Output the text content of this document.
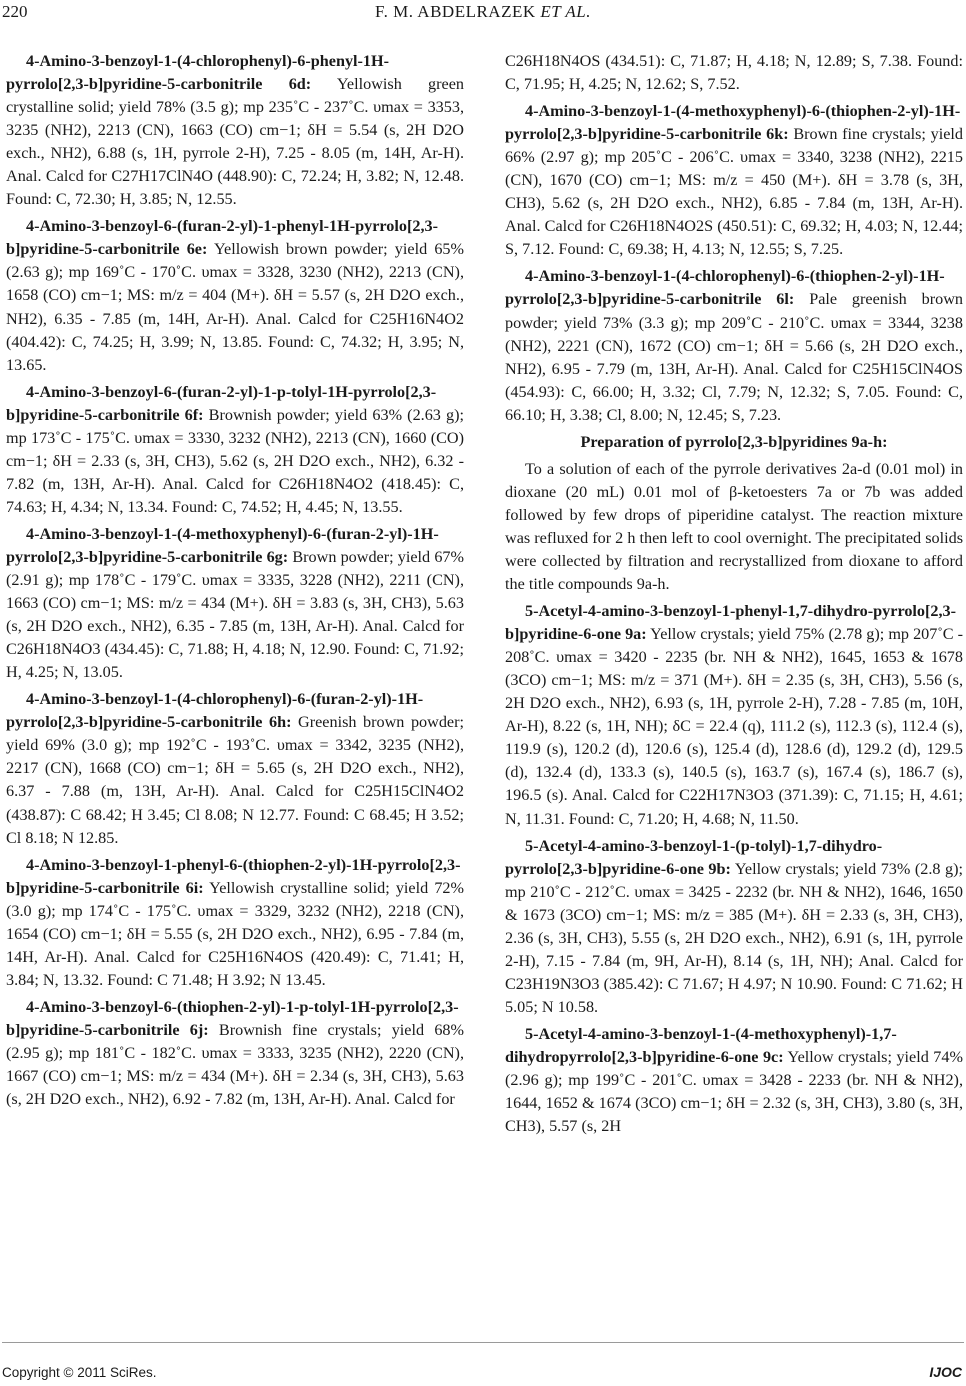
220	F. M. ABDELRAZEK ET AL.

4-Amino-3-benzoyl-1-(4-chlorophenyl)-6-phenyl-1H-pyrrolo[2,3-b]pyridine-5-carbonitrile 6d: Yellowish green crystalline solid; yield 78% (3.5 g); mp 235˚C - 237˚C. υmax = 3353, 3235 (NH2), 2213 (CN), 1663 (CO) cm−1; δH = 5.54 (s, 2H D2O exch., NH2), 6.88 (s, 1H, pyrrole 2-H), 7.25 - 8.05 (m, 14H, Ar-H). Anal. Calcd for C27H17ClN4O (448.90): C, 72.24; H, 3.82; N, 12.48. Found: C, 72.30; H, 3.85; N, 12.55.

4-Amino-3-benzoyl-6-(furan-2-yl)-1-phenyl-1H-pyrrolo[2,3-b]pyridine-5-carbonitrile 6e: Yellowish brown powder; yield 65% (2.63 g); mp 169˚C - 170˚C. υmax = 3328, 3230 (NH2), 2213 (CN), 1658 (CO) cm−1; MS: m/z = 404 (M+). δH = 5.57 (s, 2H D2O exch., NH2), 6.35 - 7.85 (m, 14H, Ar-H). Anal. Calcd for C25H16N4O2 (404.42): C, 74.25; H, 3.99; N, 13.85. Found: C, 74.32; H, 3.95; N, 13.65.

4-Amino-3-benzoyl-6-(furan-2-yl)-1-p-tolyl-1H-pyrrolo[2,3-b]pyridine-5-carbonitrile 6f: Brownish powder; yield 63% (2.63 g); mp 173˚C - 175˚C. υmax = 3330, 3232 (NH2), 2213 (CN), 1660 (CO) cm−1; δH = 2.33 (s, 3H, CH3), 5.62 (s, 2H D2O exch., NH2), 6.32 - 7.82 (m, 13H, Ar-H). Anal. Calcd for C26H18N4O2 (418.45): C, 74.63; H, 4.34; N, 13.34. Found: C, 74.52; H, 4.45; N, 13.55.

4-Amino-3-benzoyl-1-(4-methoxyphenyl)-6-(furan-2-yl)-1H-pyrrolo[2,3-b]pyridine-5-carbonitrile 6g: Brown powder; yield 67% (2.91 g); mp 178˚C - 179˚C. υmax = 3335, 3228 (NH2), 2211 (CN), 1663 (CO) cm−1; MS: m/z = 434 (M+). δH = 3.83 (s, 3H, CH3), 5.63 (s, 2H D2O exch., NH2), 6.35 - 7.85 (m, 13H, Ar-H). Anal. Calcd for C26H18N4O3 (434.45): C, 71.88; H, 4.18; N, 12.90. Found: C, 71.92; H, 4.25; N, 13.05.

4-Amino-3-benzoyl-1-(4-chlorophenyl)-6-(furan-2-yl)-1H-pyrrolo[2,3-b]pyridine-5-carbonitrile 6h: Greenish brown powder; yield 69% (3.0 g); mp 192˚C - 193˚C. υmax = 3342, 3235 (NH2), 2217 (CN), 1668 (CO) cm−1; δH = 5.65 (s, 2H D2O exch., NH2), 6.37 - 7.88 (m, 13H, Ar-H). Anal. Calcd for C25H15ClN4O2 (438.87): C 68.42; H 3.45; Cl 8.08; N 12.77. Found: C 68.45; H 3.52; Cl 8.18; N 12.85.

4-Amino-3-benzoyl-1-phenyl-6-(thiophen-2-yl)-1H-pyrrolo[2,3-b]pyridine-5-carbonitrile 6i: Yellowish crystalline solid; yield 72% (3.0 g); mp 174˚C - 175˚C. υmax = 3329, 3232 (NH2), 2218 (CN), 1654 (CO) cm−1; δH = 5.55 (s, 2H D2O exch., NH2), 6.95 - 7.84 (m, 14H, Ar-H). Anal. Calcd for C25H16N4OS (420.49): C, 71.41; H, 3.84; N, 13.32. Found: C 71.48; H 3.92; N 13.45.

4-Amino-3-benzoyl-6-(thiophen-2-yl)-1-p-tolyl-1H-pyrrolo[2,3-b]pyridine-5-carbonitrile 6j: Brownish fine crystals; yield 68% (2.95 g); mp 181˚C - 182˚C. υmax = 3333, 3235 (NH2), 2220 (CN), 1667 (CO) cm−1; MS: m/z = 434 (M+). δH = 2.34 (s, 3H, CH3), 5.63 (s, 2H D2O exch., NH2), 6.92 - 7.82 (m, 13H, Ar-H). Anal. Calcd for

C26H18N4OS (434.51): C, 71.87; H, 4.18; N, 12.89; S, 7.38. Found: C, 71.95; H, 4.25; N, 12.62; S, 7.52.

4-Amino-3-benzoyl-1-(4-methoxyphenyl)-6-(thiophen-2-yl)-1H-pyrrolo[2,3-b]pyridine-5-carbonitrile 6k: Brown fine crystals; yield 66% (2.97 g); mp 205˚C - 206˚C. υmax = 3340, 3238 (NH2), 2215 (CN), 1670 (CO) cm−1; MS: m/z = 450 (M+). δH = 3.78 (s, 3H, CH3), 5.62 (s, 2H D2O exch., NH2), 6.85 - 7.84 (m, 13H, Ar-H). Anal. Calcd for C26H18N4O2S (450.51): C, 69.32; H, 4.03; N, 12.44; S, 7.12. Found: C, 69.38; H, 4.13; N, 12.55; S, 7.25.

4-Amino-3-benzoyl-1-(4-chlorophenyl)-6-(thiophen-2-yl)-1H-pyrrolo[2,3-b]pyridine-5-carbonitrile 6l: Pale greenish brown powder; yield 73% (3.3 g); mp 209˚C - 210˚C. υmax = 3344, 3238 (NH2), 2221 (CN), 1672 (CO) cm−1; δH = 5.66 (s, 2H D2O exch., NH2), 6.95 - 7.79 (m, 13H, Ar-H). Anal. Calcd for C25H15ClN4OS (454.93): C, 66.00; H, 3.32; Cl, 7.79; N, 12.32; S, 7.05. Found: C, 66.10; H, 3.38; Cl, 8.00; N, 12.45; S, 7.23.

Preparation of pyrrolo[2,3-b]pyridines 9a-h:

To a solution of each of the pyrrole derivatives 2a-d (0.01 mol) in dioxane (20 mL) 0.01 mol of β-ketoesters 7a or 7b was added followed by few drops of piperidine catalyst. The reaction mixture was refluxed for 2 h then left to cool overnight. The precipitated solids were collected by filtration and recrystallized from dioxane to afford the title compounds 9a-h.

5-Acetyl-4-amino-3-benzoyl-1-phenyl-1,7-dihydro-pyrrolo[2,3-b]pyridine-6-one 9a: Yellow crystals; yield 75% (2.78 g); mp 207˚C - 208˚C. υmax = 3420 - 2235 (br. NH & NH2), 1645, 1653 & 1678 (3CO) cm−1; MS: m/z = 371 (M+). δH = 2.35 (s, 3H, CH3), 5.56 (s, 2H D2O exch., NH2), 6.93 (s, 1H, pyrrole 2-H), 7.28 - 7.85 (m, 10H, Ar-H), 8.22 (s, 1H, NH); δC = 22.4 (q), 111.2 (s), 112.3 (s), 112.4 (s), 119.9 (s), 120.2 (d), 120.6 (s), 125.4 (d), 128.6 (d), 129.2 (d), 129.5 (d), 132.4 (d), 133.3 (s), 140.5 (s), 163.7 (s), 167.4 (s), 186.7 (s), 196.5 (s). Anal. Calcd for C22H17N3O3 (371.39): C, 71.15; H, 4.61; N, 11.31. Found: C, 71.20; H, 4.68; N, 11.50.

5-Acetyl-4-amino-3-benzoyl-1-(p-tolyl)-1,7-dihydro-pyrrolo[2,3-b]pyridine-6-one 9b: Yellow crystals; yield 73% (2.8 g); mp 210˚C - 212˚C. υmax = 3425 - 2232 (br. NH & NH2), 1646, 1650 & 1673 (3CO) cm−1; MS: m/z = 385 (M+). δH = 2.33 (s, 3H, CH3), 2.36 (s, 3H, CH3), 5.55 (s, 2H D2O exch., NH2), 6.91 (s, 1H, pyrrole 2-H), 7.15 - 7.84 (m, 9H, Ar-H), 8.14 (s, 1H, NH); Anal. Calcd for C23H19N3O3 (385.42): C 71.67; H 4.97; N 10.90. Found: C 71.62; H 5.05; N 10.58.

5-Acetyl-4-amino-3-benzoyl-1-(4-methoxyphenyl)-1,7-dihydropyrrolo[2,3-b]pyridine-6-one 9c: Yellow crystals; yield 74% (2.96 g); mp 199˚C - 201˚C. υmax = 3428 - 2233 (br. NH & NH2), 1644, 1652 & 1674 (3CO) cm−1; δH = 2.32 (s, 3H, CH3), 3.80 (s, 3H, CH3), 5.57 (s, 2H

Copyright © 2011 SciRes.	IJOC
